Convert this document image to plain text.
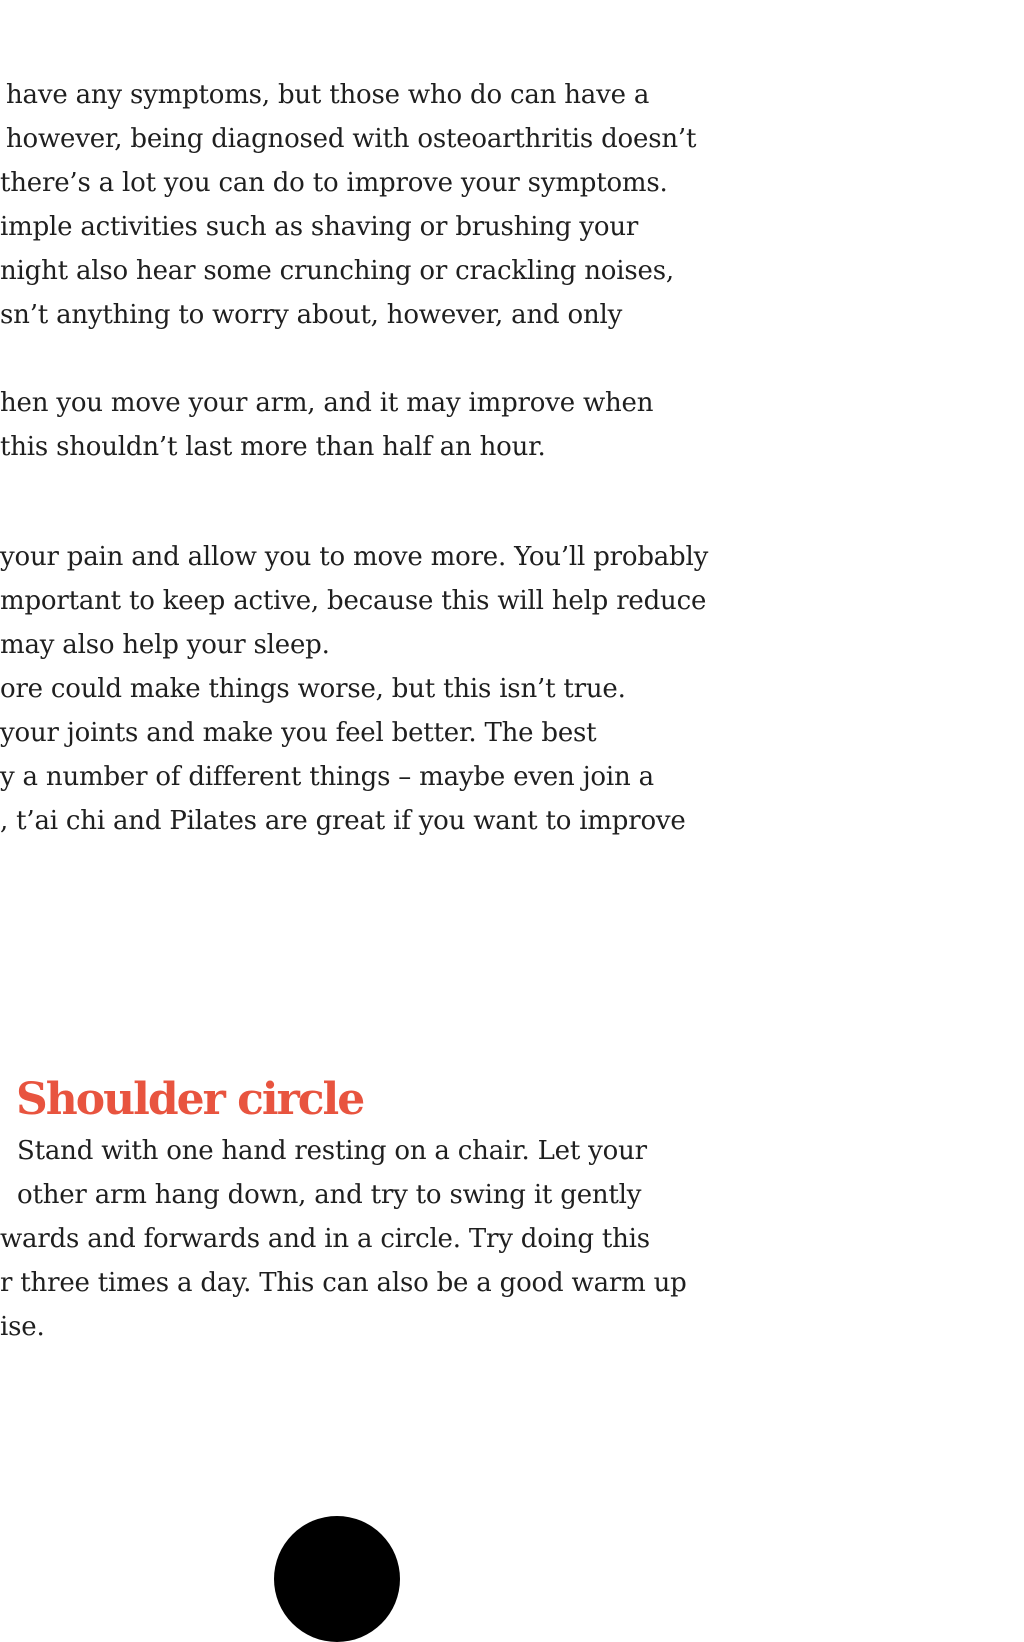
have any symptoms, but those who do can have a
however, being diagnosed with osteoarthritis doesn’t
there’s a lot you can do to improve your symptoms.
imple activities such as shaving or brushing your
night also hear some crunching or crackling noises,
sn’t anything to worry about, however, and only
hen you move your arm, and it may improve when
this shouldn’t last more than half an hour.
your pain and allow you to move more. You’ll probably
mportant to keep active, because this will help reduce
may also help your sleep.
ore could make things worse, but this isn’t true.
your joints and make you feel better. The best
y a number of different things – maybe even join a
, t’ai chi and Pilates are great if you want to improve
Shoulder circle
Stand with one hand resting on a chair. Let your
other arm hang down, and try to swing it gently
wards and forwards and in a circle. Try doing this
r three times a day. This can also be a good warm up
ise.
